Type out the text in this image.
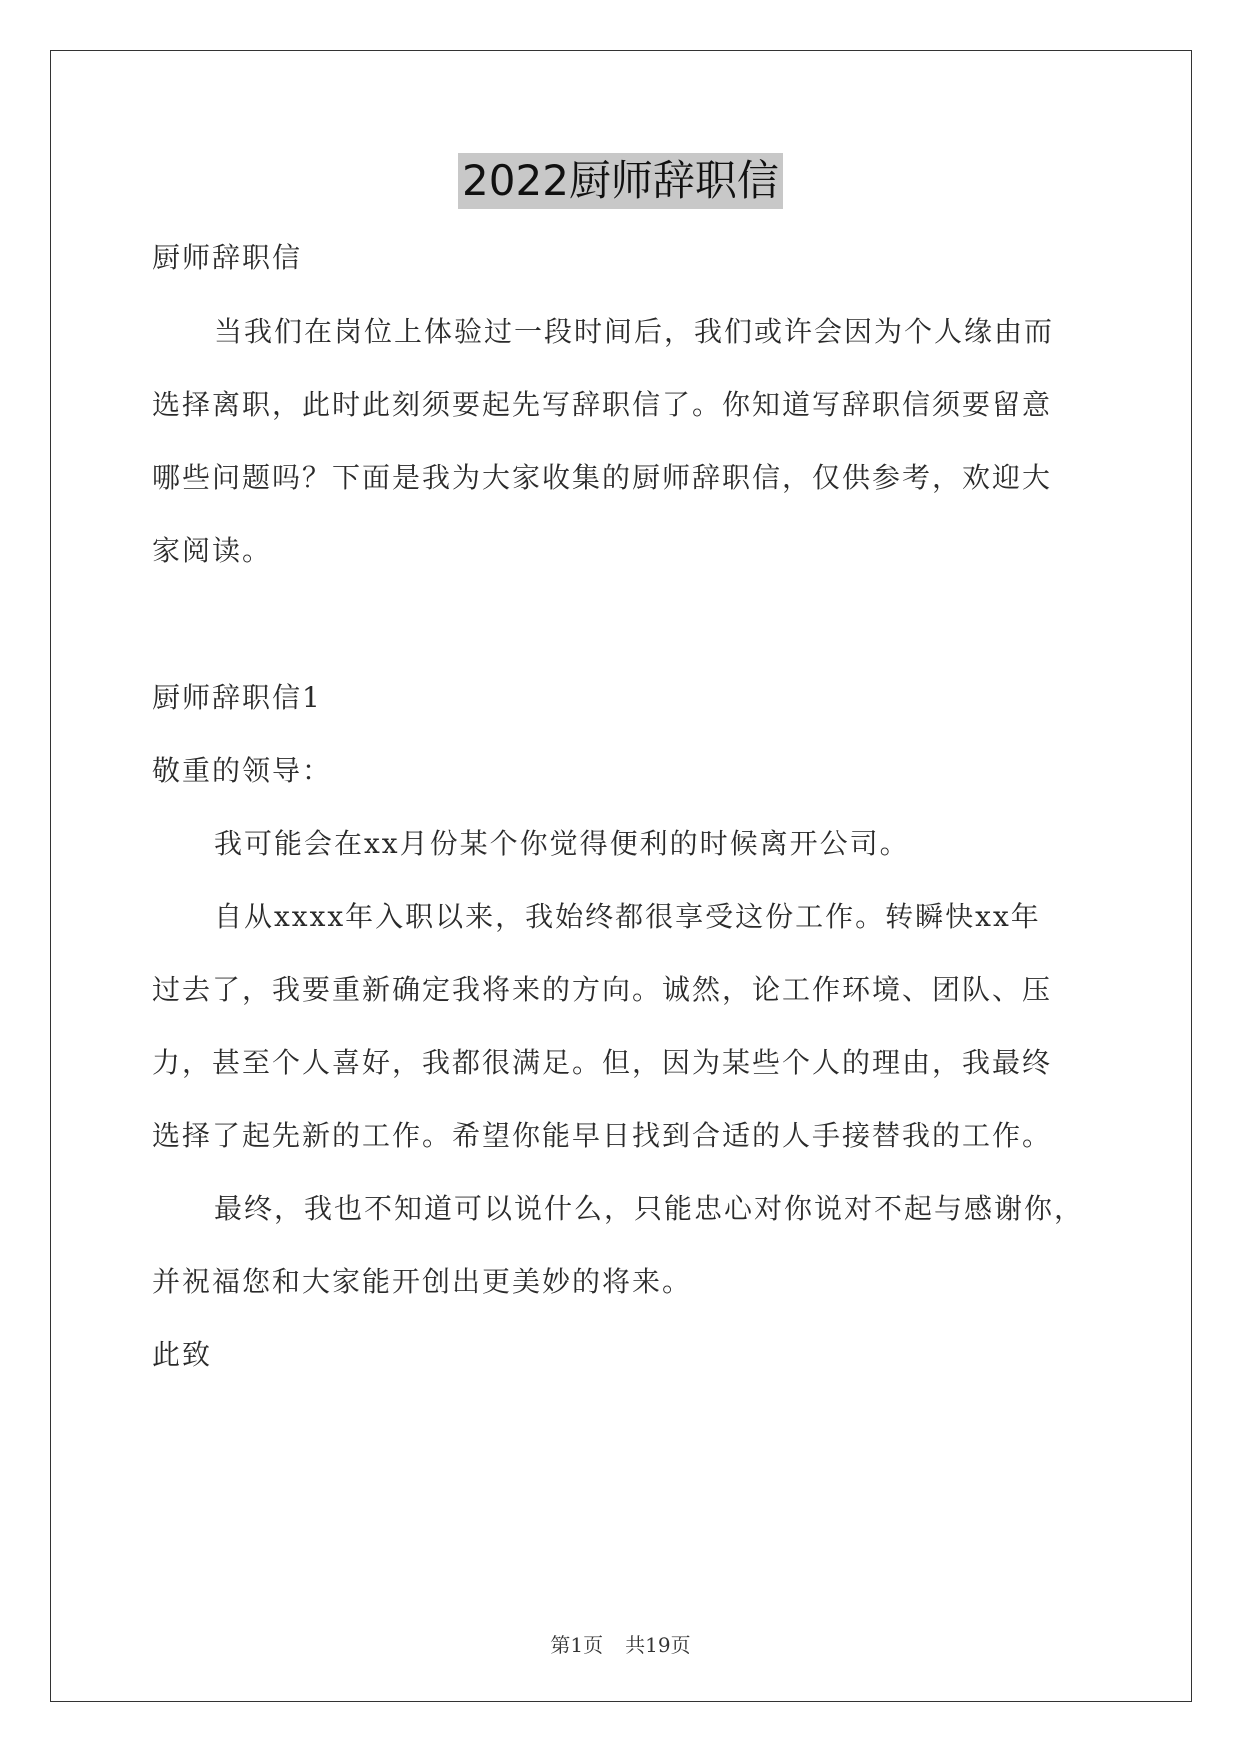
2022厨师辞职信
厨师辞职信
当我们在岗位上体验过一段时间后，我们或许会因为个人缘由而
选择离职，此时此刻须要起先写辞职信了。你知道写辞职信须要留意
哪些问题吗？下面是我为大家收集的厨师辞职信，仅供参考，欢迎大
家阅读。
厨师辞职信1
敬重的领导：
我可能会在xx月份某个你觉得便利的时候离开公司。
自从xxxx年入职以来，我始终都很享受这份工作。转瞬快xx年
过去了，我要重新确定我将来的方向。诚然，论工作环境、团队、压
力，甚至个人喜好，我都很满足。但，因为某些个人的理由，我最终
选择了起先新的工作。希望你能早日找到合适的人手接替我的工作。
最终，我也不知道可以说什么，只能忠心对你说对不起与感谢你，
并祝福您和大家能开创出更美妙的将来。
此致
第1页 共19页
